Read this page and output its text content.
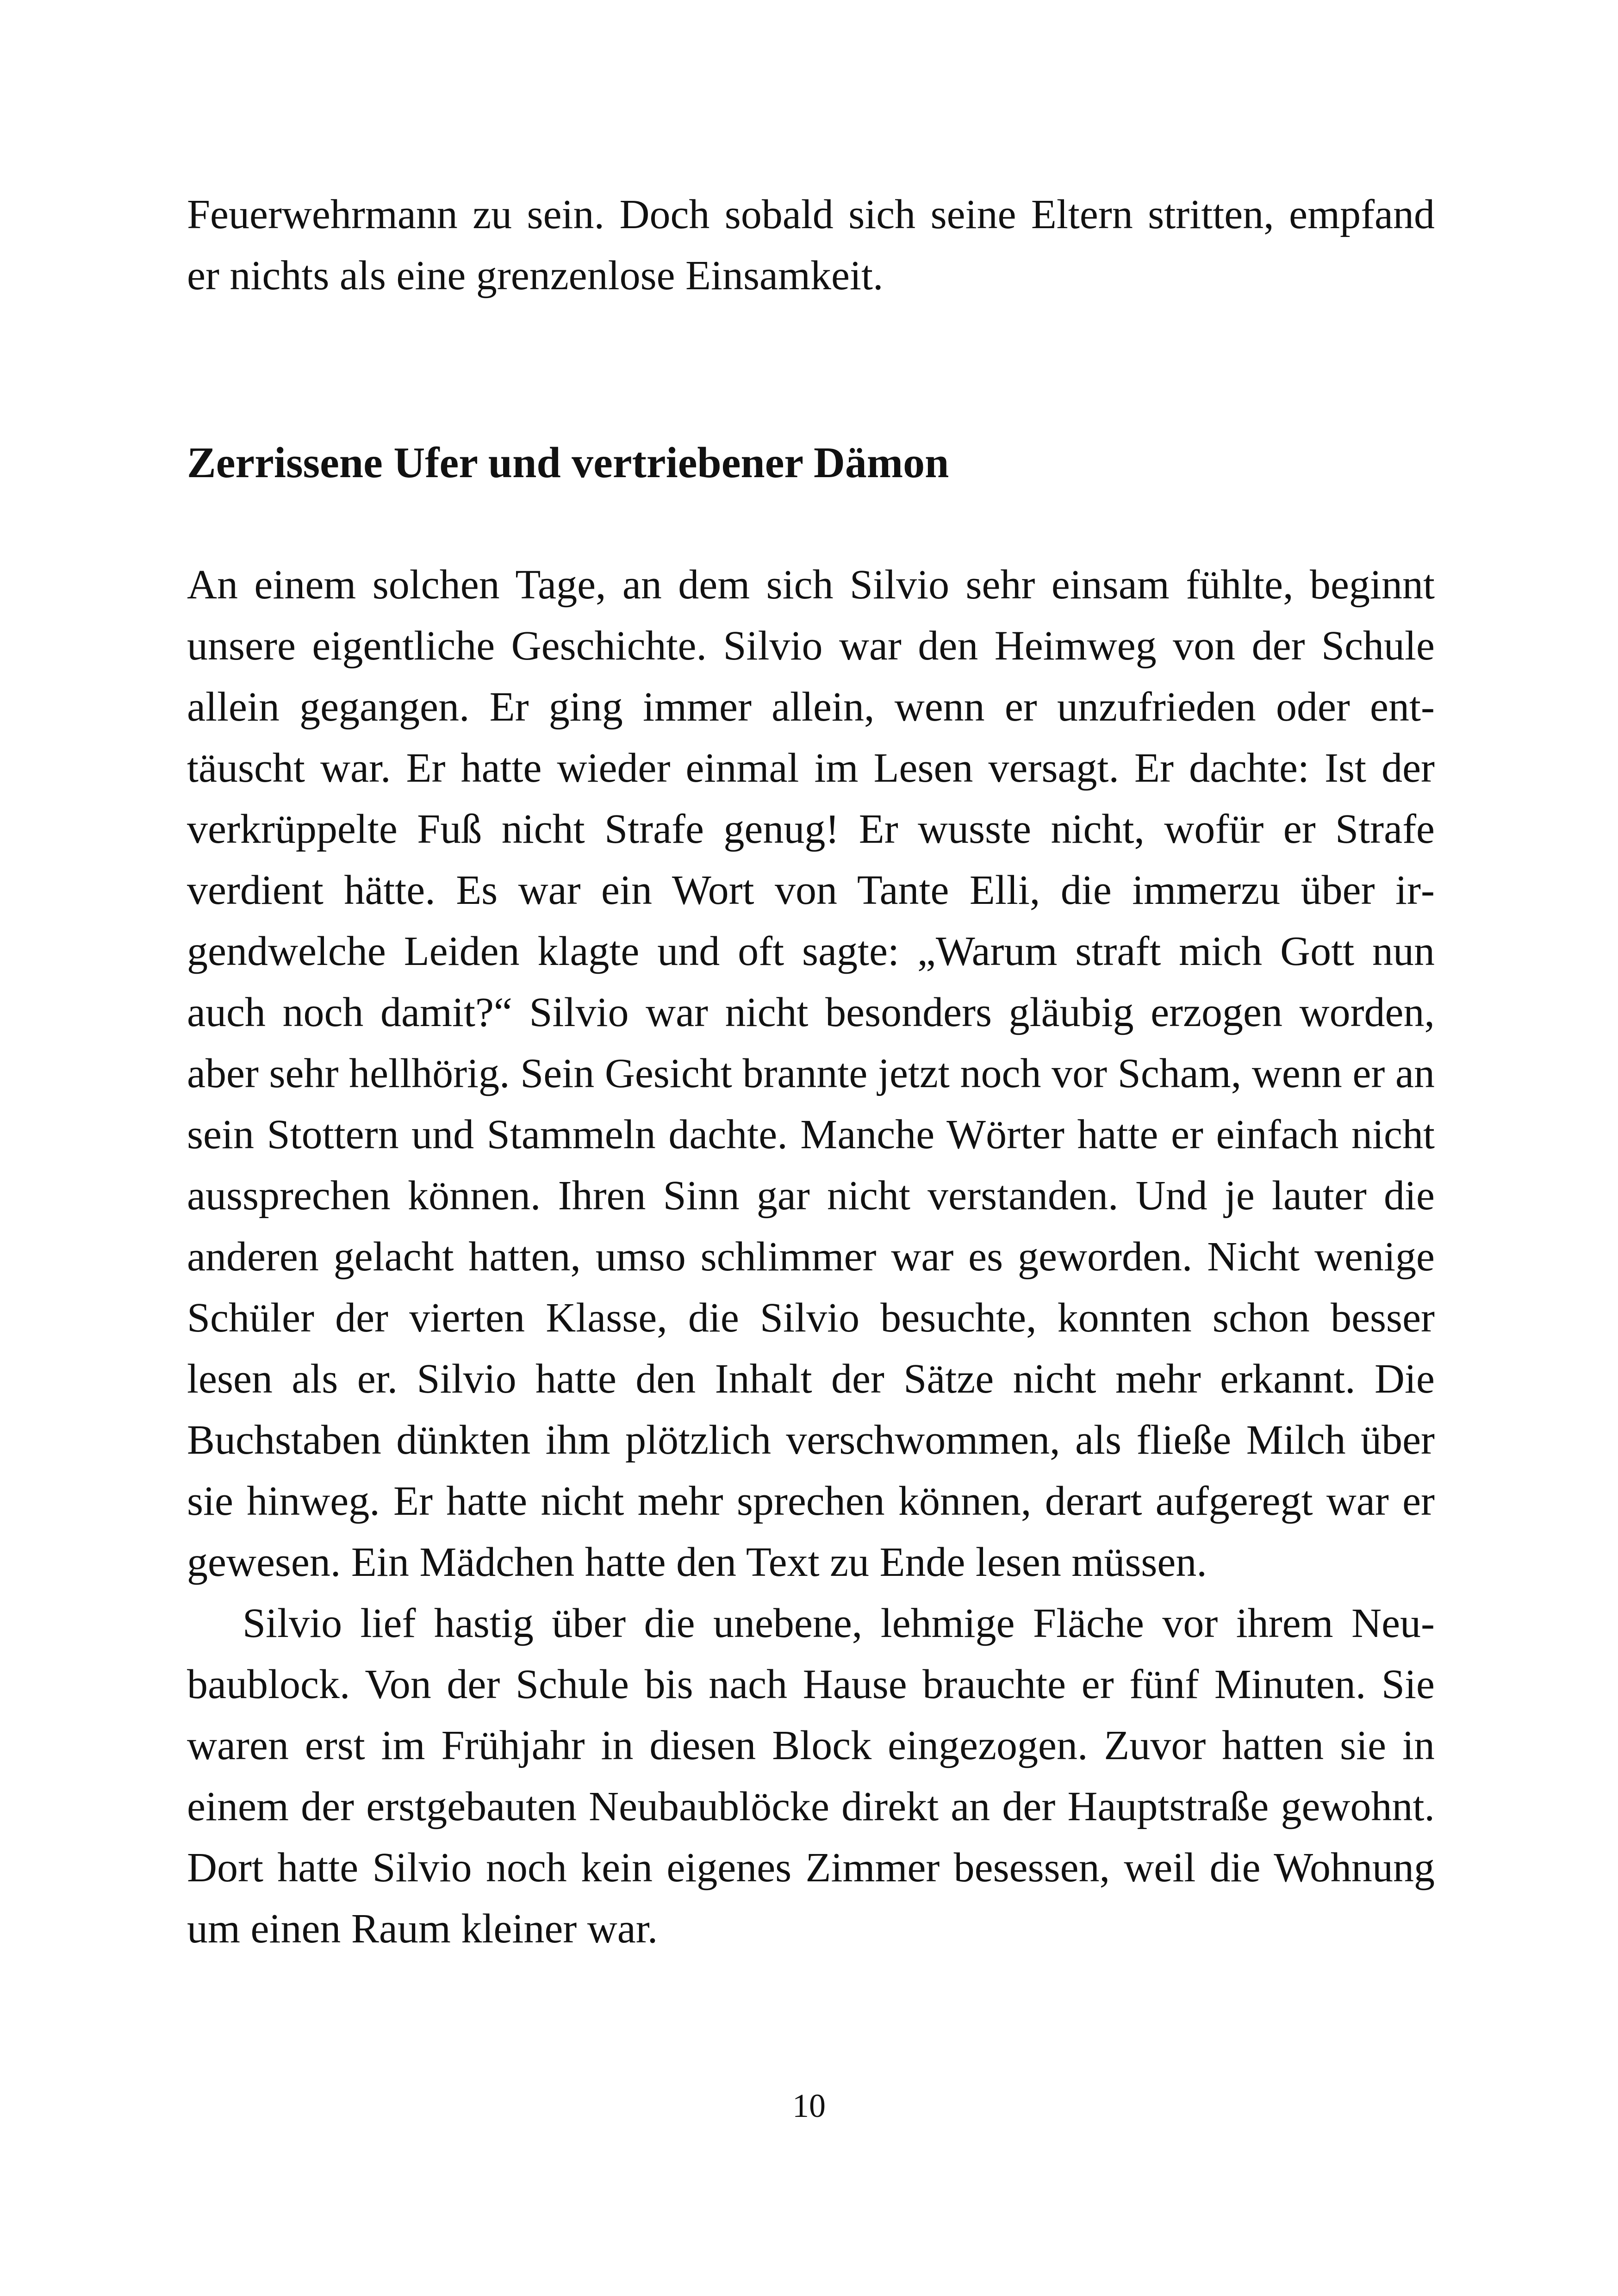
Feuerwehrmann zu sein. Doch sobald sich seine Eltern stritten, empfand er nichts als eine grenzenlose Einsamkeit.

Zerrissene Ufer und vertriebener Dämon

An einem solchen Tage, an dem sich Silvio sehr einsam fühlte, beginnt unsere eigentliche Geschichte. Silvio war den Heimweg von der Schule allein gegangen. Er ging immer allein, wenn er unzufrieden oder enttäuscht war. Er hatte wieder einmal im Lesen versagt. Er dachte: Ist der verkrüppelte Fuß nicht Strafe genug! Er wusste nicht, wofür er Strafe verdient hätte. Es war ein Wort von Tante Elli, die immerzu über irgendwelche Leiden klagte und oft sagte: „Warum straft mich Gott nun auch noch damit?“ Silvio war nicht besonders gläubig erzogen worden, aber sehr hellhörig. Sein Gesicht brannte jetzt noch vor Scham, wenn er an sein Stottern und Stammeln dachte. Manche Wörter hatte er einfach nicht aussprechen können. Ihren Sinn gar nicht verstanden. Und je lauter die anderen gelacht hatten, umso schlimmer war es geworden. Nicht wenige Schüler der vierten Klasse, die Silvio besuchte, konnten schon besser lesen als er. Silvio hatte den Inhalt der Sätze nicht mehr erkannt. Die Buchstaben dünkten ihm plötzlich verschwommen, als fließe Milch über sie hinweg. Er hatte nicht mehr sprechen können, derart aufgeregt war er gewesen. Ein Mädchen hatte den Text zu Ende lesen müssen.

Silvio lief hastig über die unebene, lehmige Fläche vor ihrem Neubaublock. Von der Schule bis nach Hause brauchte er fünf Minuten. Sie waren erst im Frühjahr in diesen Block eingezogen. Zuvor hatten sie in einem der erstgebauten Neubaublöcke direkt an der Hauptstraße gewohnt. Dort hatte Silvio noch kein eigenes Zimmer besessen, weil die Wohnung um einen Raum kleiner war.

10
